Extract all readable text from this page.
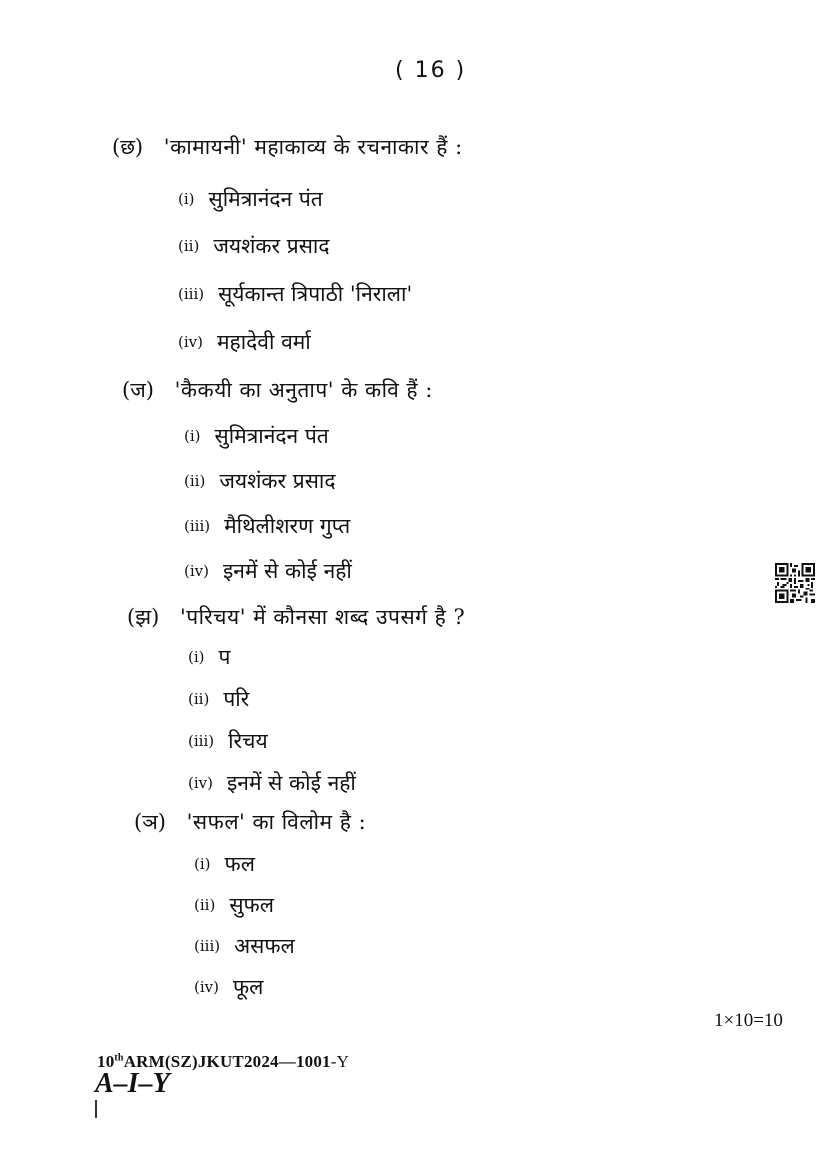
( 16 )
(छ) 'कामायनी' महाकाव्य के रचनाकार हैं :
(i) सुमित्रानंदन पंत
(ii) जयशंकर प्रसाद
(iii) सूर्यकान्त त्रिपाठी 'निराला'
(iv) महादेवी वर्मा
(ज) 'कैकयी का अनुताप' के कवि हैं :
(i) सुमित्रानंदन पंत
(ii) जयशंकर प्रसाद
(iii) मैथिलीशरण गुप्त
(iv) इनमें से कोई नहीं
(झ) 'परिचय' में कौनसा शब्द उपसर्ग है ?
(i) प
(ii) परि
(iii) रिचय
(iv) इनमें से कोई नहीं
(ञ) 'सफल' का विलोम है :
(i) फल
(ii) सुफल
(iii) असफल
(iv) फूल
1×10=10
10thARM(SZ)JKUT2024—1001-Y
A–I–Y
